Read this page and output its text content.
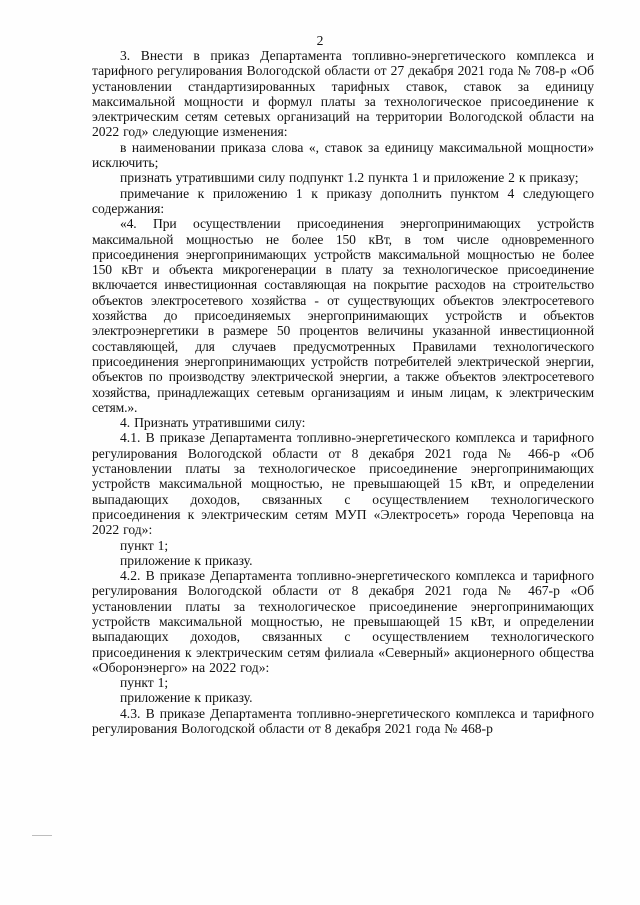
2

3. Внести в приказ Департамента топливно-энергетического комплекса и тарифного регулирования Вологодской области от 27 декабря 2021 года № 708-р «Об установлении стандартизированных тарифных ставок, ставок за единицу максимальной мощности и формул платы за технологическое присоединение к электрическим сетям сетевых организаций на территории Вологодской области на 2022 год» следующие изменения:

в наименовании приказа слова «, ставок за единицу максимальной мощности» исключить;

признать утратившими силу подпункт 1.2 пункта 1 и приложение 2 к приказу;

примечание к приложению 1 к приказу дополнить пунктом 4 следующего содержания:

«4. При осуществлении присоединения энергопринимающих устройств максимальной мощностью не более 150 кВт, в том числе одновременного присоединения энергопринимающих устройств максимальной мощностью не более 150 кВт и объекта микрогенерации в плату за технологическое присоединение включается инвестиционная составляющая на покрытие расходов на строительство объектов электросетевого хозяйства - от существующих объектов электросетевого хозяйства до присоединяемых энергопринимающих устройств и объектов электроэнергетики в размере 50 процентов величины указанной инвестиционной составляющей, для случаев предусмотренных Правилами технологического присоединения энергопринимающих устройств потребителей электрической энергии, объектов по производству электрической энергии, а также объектов электросетевого хозяйства, принадлежащих сетевым организациям и иным лицам, к электрическим сетям.».

4. Признать утратившими силу:

4.1. В приказе Департамента топливно-энергетического комплекса и тарифного регулирования Вологодской области от 8 декабря 2021 года № 466-р «Об установлении платы за технологическое присоединение энергопринимающих устройств максимальной мощностью, не превышающей 15 кВт, и определении выпадающих доходов, связанных с осуществлением технологического присоединения к электрическим сетям МУП «Электросеть» города Череповца на 2022 год»:

пункт 1;

приложение к приказу.

4.2. В приказе Департамента топливно-энергетического комплекса и тарифного регулирования Вологодской области от 8 декабря 2021 года № 467-р «Об установлении платы за технологическое присоединение энергопринимающих устройств максимальной мощностью, не превышающей 15 кВт, и определении выпадающих доходов, связанных с осуществлением технологического присоединения к электрическим сетям филиала «Северный» акционерного общества «Оборонэнерго» на 2022 год»:

пункт 1;

приложение к приказу.

4.3. В приказе Департамента топливно-энергетического комплекса и тарифного регулирования Вологодской области от 8 декабря 2021 года № 468-р
